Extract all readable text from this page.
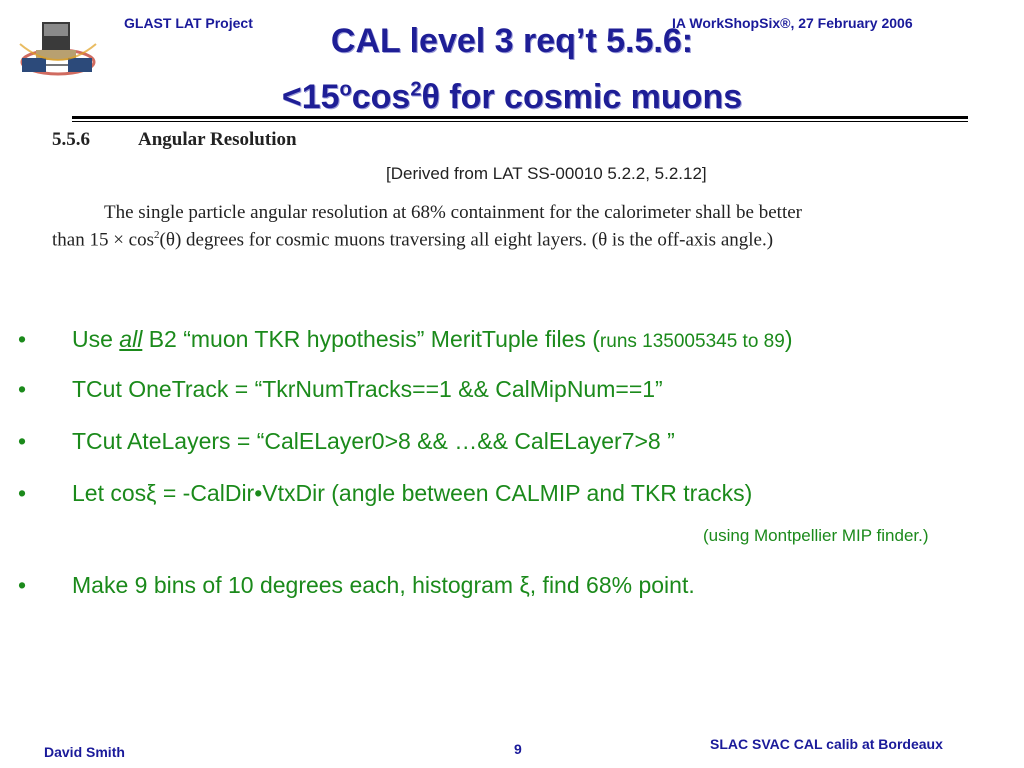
GLAST LAT Project	IA WorkShopSix®, 27 February 2006
CAL level 3 req’t 5.5.6:
$<15^o\cos^2\theta$ for cosmic muons
5.5.6	Angular Resolution
[Derived from LAT SS-00010 5.2.2, 5.2.12]
The single particle angular resolution at 68% containment for the calorimeter shall be better
than $15 \times \cos^2(\theta)$ degrees for cosmic muons traversing all eight layers. (θ is the off-axis angle.)
• Use all B2 “muon TKR hypothesis” MeritTuple files (runs 135005345 to 89)
• TCut OneTrack = “TkrNumTracks==1 && CalMipNum==1”
• TCut AteLayers = “CalELayer0>8 && …&& CalELayer7>8 ”
• Let cosξ = -CalDir•VtxDir (angle between CALMIP and TKR tracks)
(using Montpellier MIP finder.)
• Make 9 bins of 10 degrees each, histogram ξ, find 68% point.
David Smith	9	SLAC SVAC CAL calib at Bordeaux
